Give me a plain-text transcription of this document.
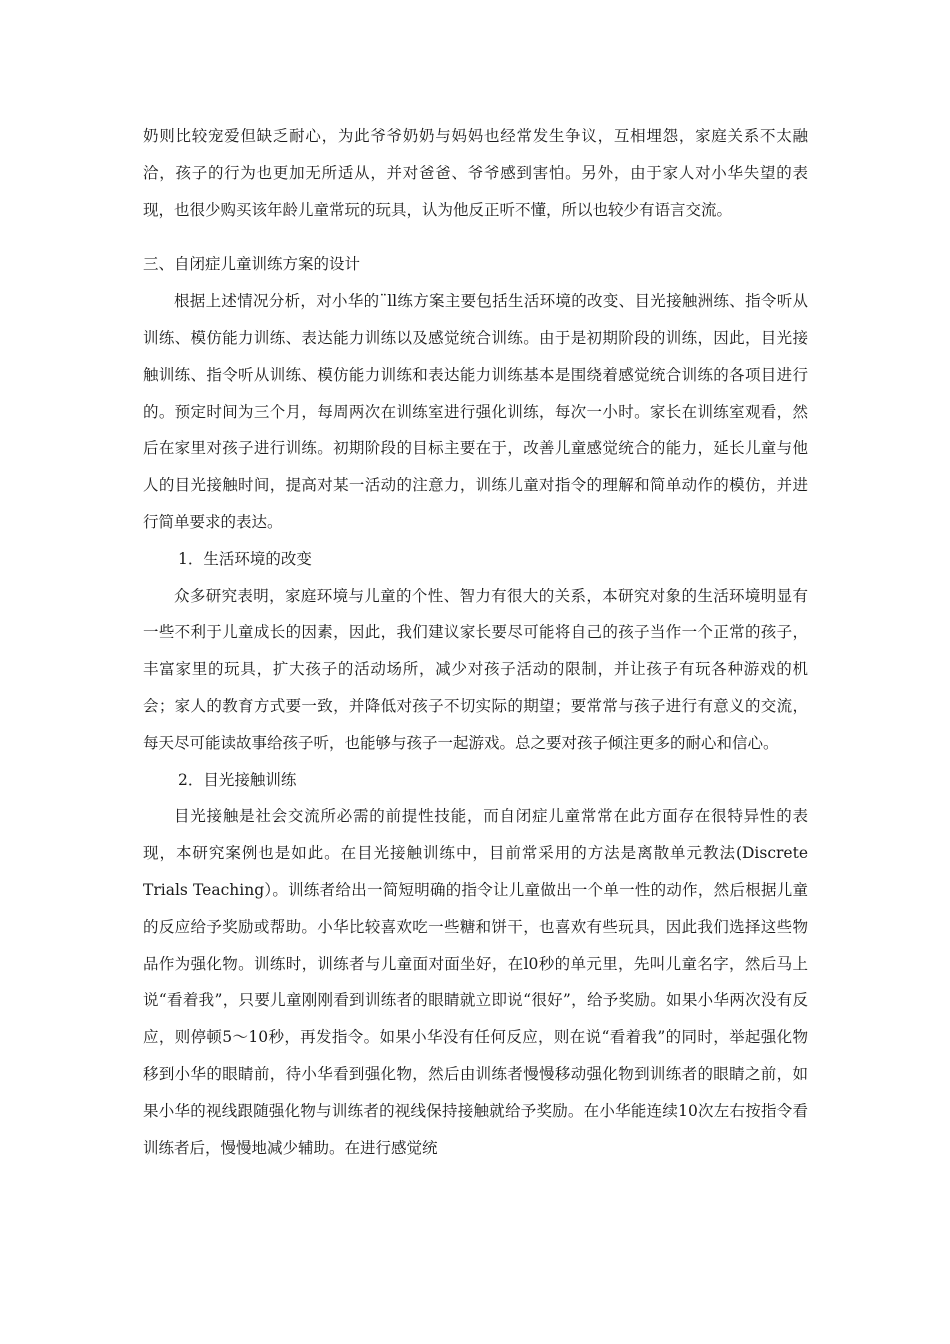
奶则比较宠爱但缺乏耐心，为此爷爷奶奶与妈妈也经常发生争议，互相埋怨，家庭关系不太融洽，孩子的行为也更加无所适从，并对爸爸、爷爷感到害怕。另外，由于家人对小华失望的表现，也很少购买该年龄儿童常玩的玩具，认为他反正听不懂，所以也较少有语言交流。

三、自闭症儿童训练方案的设计

根据上述情况分析，对小华的¨ll练方案主要包括生活环境的改变、目光接触洲练、指令听从训练、模仿能力训练、表达能力训练以及感觉统合训练。由于是初期阶段的训练，因此，目光接触训练、指令听从训练、模仿能力训练和表达能力训练基本是围绕着感觉统合训练的各项目进行的。预定时间为三个月，每周两次在训练室进行强化训练，每次一小时。家长在训练室观看，然后在家里对孩子进行训练。初期阶段的目标主要在于，改善儿童感觉统合的能力，延长儿童与他人的目光接触时间，提高对某一活动的注意力，训练儿童对指令的理解和简单动作的模仿，并进行简单要求的表达。

1．生活环境的改变

众多研究表明，家庭环境与儿童的个性、智力有很大的关系，本研究对象的生活环境明显有一些不利于儿童成长的因素，因此，我们建议家长要尽可能将自己的孩子当作一个正常的孩子，丰富家里的玩具，扩大孩子的活动场所，减少对孩子活动的限制，并让孩子有玩各种游戏的机会；家人的教育方式要一致，并降低对孩子不切实际的期望；要常常与孩子进行有意义的交流，每天尽可能读故事给孩子听，也能够与孩子一起游戏。总之要对孩子倾注更多的耐心和信心。

2．目光接触训练

目光接触是社会交流所必需的前提性技能，而自闭症儿童常常在此方面存在很特异性的表现，本研究案例也是如此。在目光接触训练中，目前常采用的方法是离散单元教法(Discrete Trials Teaching）。训练者给出一简短明确的指令让儿童做出一个单一性的动作，然后根据儿童的反应给予奖励或帮助。小华比较喜欢吃一些糖和饼干，也喜欢有些玩具，因此我们选择这些物品作为强化物。训练时，训练者与儿童面对面坐好，在l0秒的单元里，先叫儿童名字，然后马上说“看着我”，只要儿童刚刚看到训练者的眼睛就立即说“很好”，给予奖励。如果小华两次没有反应，则停顿5～10秒，再发指令。如果小华没有任何反应，则在说“看着我”的同时，举起强化物移到小华的眼睛前，待小华看到强化物，然后由训练者慢慢移动强化物到训练者的眼睛之前，如果小华的视线跟随强化物与训练者的视线保持接触就给予奖励。在小华能连续10次左右按指令看训练者后，慢慢地减少辅助。在进行感觉统
